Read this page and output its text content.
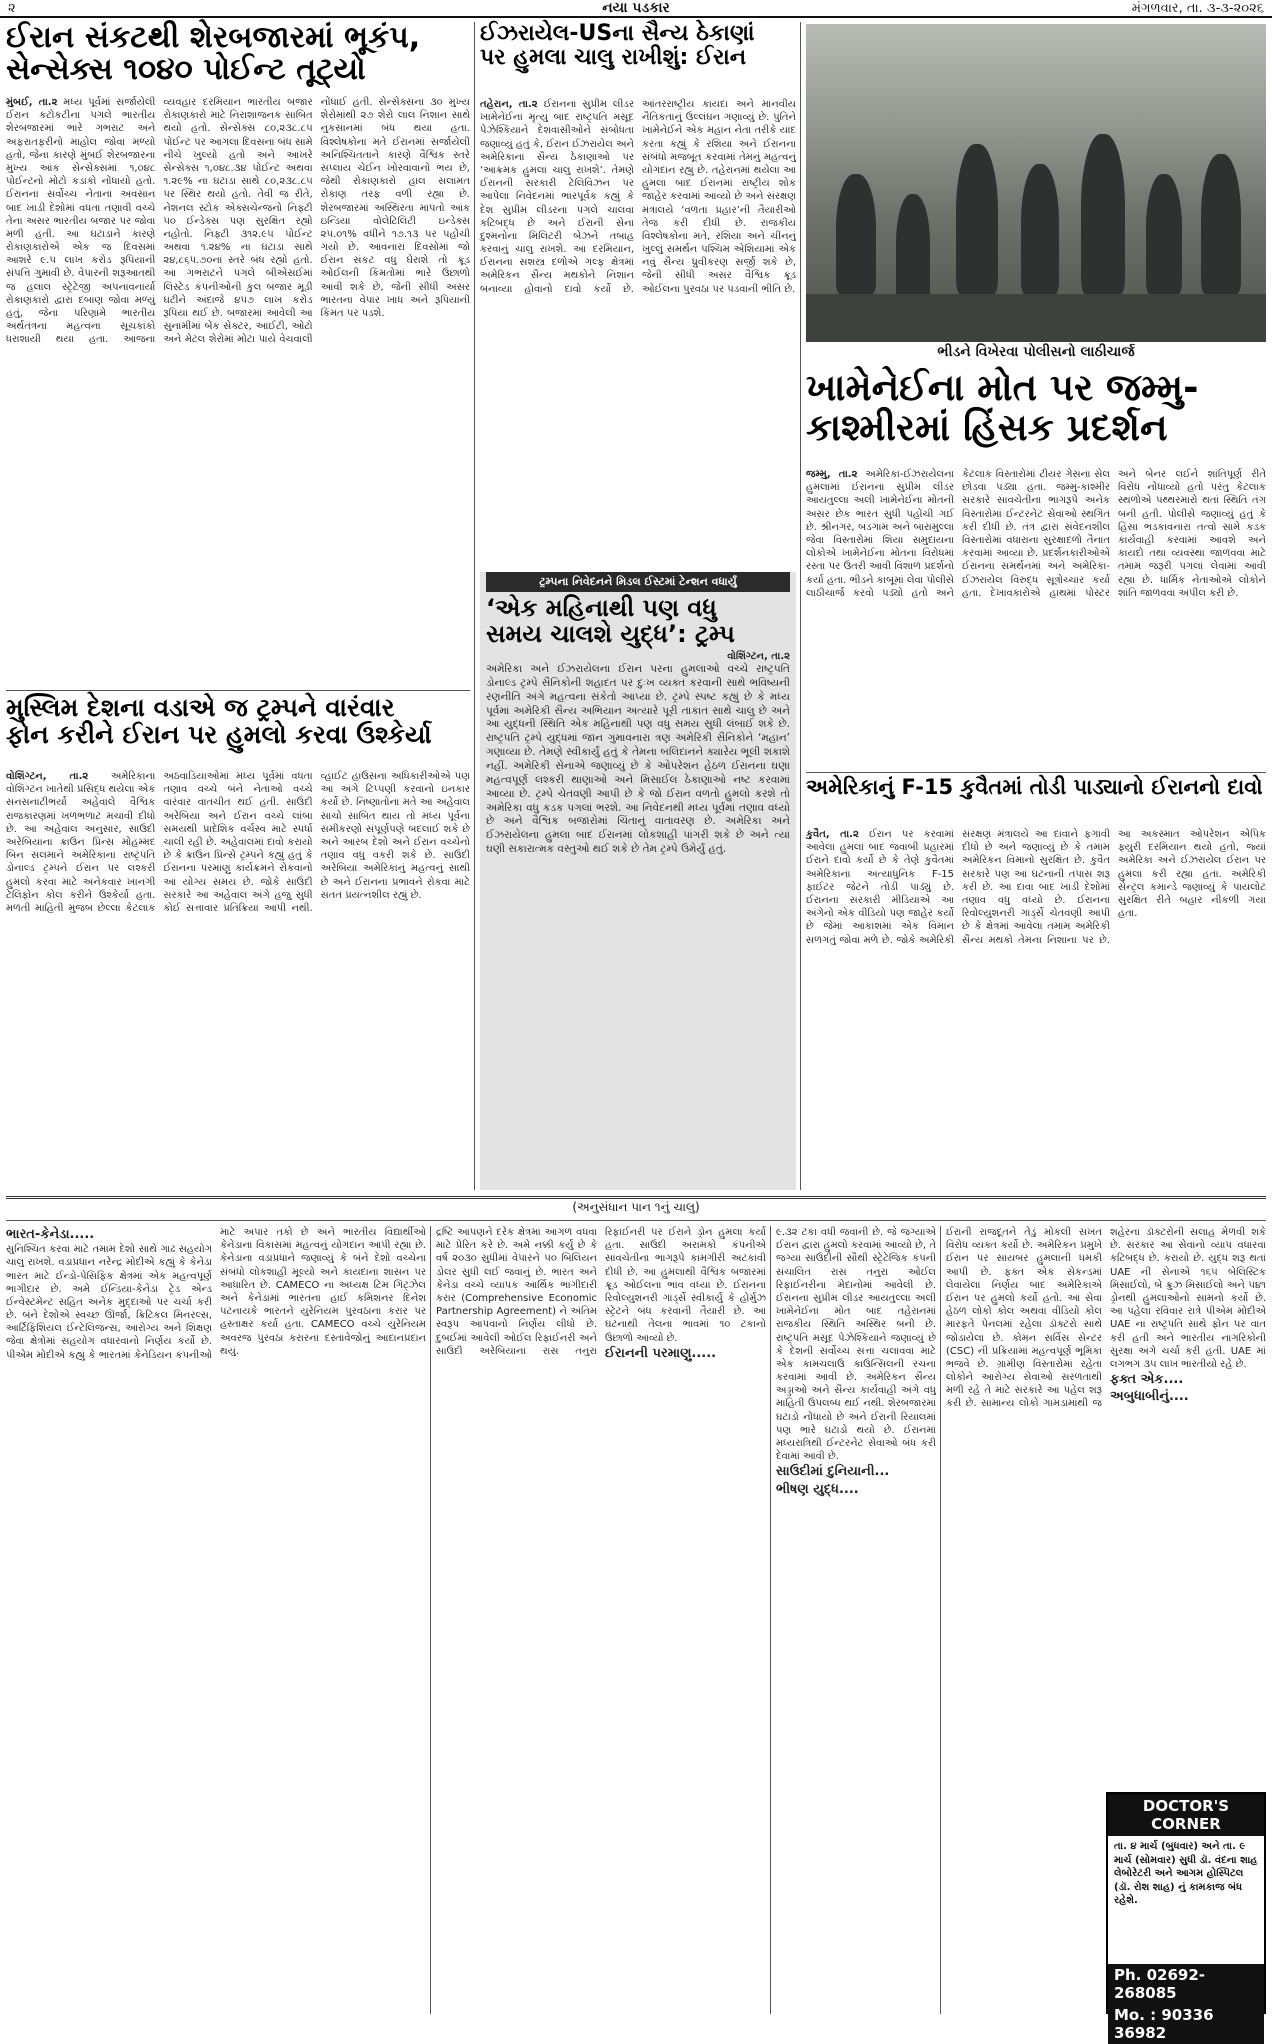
૨	નયા પડકાર	મંગળવાર, તા. ૩-૩-૨૦૨૬
ઈરાન સંકટથી શેરબજારમાં ભૂકંપ,
સેન્સેક્સ ૧૦૪૦ પોઈન્ટ તૂટ્યો
મુંબઈ, તા.૨ મધ્ય પૂર્વમાં સર્જાયેલી ઈરાન કટોકટીના પગલે ભારતીય શેરબજારમાં ભારે ગભરાટ અને અફરાતફરીનો માહોલ જોવા મળ્યો હતો, જેના કારણે મુંબઈ શેરબજારના મુખ્ય આંક સેન્સેક્સમાં ૧,૦૪૮ પોઈન્ટનો મોટો કડાકો નોંધાયો હતો. ઈરાનના સર્વોચ્ચ નેતાના અવસાન બાદ ખાડી દેશોમાં વધતા તણાવી વચ્ચે તેના અસર ભારતીય બજાર પર જોવા મળી હતી. આ ઘટાડાને કારણે રોકાણકારોએ એક જ દિવસમાં આશરે ૯.૫ લાખ કરોડ રૂપિયાની સંપત્તિ ગુમાવી છે. વેપારની શરૂઆતથી જ હલાલ સ્ટ્રેટેજી અપનાવનાર્યા રોકાણકારો દ્વારા દબાણ જોવા મળ્યું હતું, જેના પરિણામે ભારતીય અર્થતંત્રના મહત્વના સૂચકાંકો ધરાશાયી થયા હતા. આજના વ્યવહાર દરમિયાન ભારતીય બજાર રોકાણકારો માટે નિરાશાજનક સાબિત થયો હતો. સેન્સેક્સ ૮૦,૨૩૮.૮૫ પોઈન્ટ પર આગલા દિવસના બંધ સામે નીચે ખુલ્યો હતો અને આખરે સેન્સેક્સ ૧,૦૪૮.૩૪ પોઈન્ટ અથવા ૧.૨૯% ના ઘટાડા સાથે ૮૦,૨૩૮.૮૫ પર સ્થિર થયો હતો. તેવી જ રીતે, નેશનલ સ્ટોક એક્સચેન્જનો નિફ્ટી ૫૦ ઈન્ડેક્સ પણ સુરક્ષિત રહ્યો નહોતો. નિફ્ટી ૩૧૨.૯૫ પોઈન્ટ અથવા ૧.૨૪% ના ઘટાડા સાથે ૨૪,૮૬૫.૭૦ના સ્તરે બંધ રહ્યો હતો. આ ગભરાટને પગલે બીએસઈમાં લિસ્ટેડ કંપનીઓની કુલ બજાર મૂડી ઘટીને અંદાજે ૪૫૭ લાખ કરોડ રૂપિયા થઈ છે. બજારમાં આવેલી આ સુનામીમાં બેંક સેક્ટર, આઈટી, ઓટો અને મેટલ શેરોમાં મોટા પાયે વેચવાલી નોંધાઈ હતી. સેન્સેક્સના ૩૦ મુખ્ય શેરોમાંથી ૨૭ શેરો લાલ નિશાન સાથે નુકસાનમાં બંધ થયા હતા. વિશ્લેષકોના મતે ઈરાનમાં સર્જાયેલી અનિશ્ચિતતાને કારણે વૈશ્વિક સ્તરે સપ્લાય ચેઈન ખોરવાવાનો ભય છે, જેથી રોકાણકારો હાલ સલામત રોકાણ તરફ વળી રહ્યા છે. શેરબજારમાં અસ્થિરતા માપતો આંક ઇન્ડિયા વોલેટિલિટી ઇન્ડેક્સ ૨૫.૦૧% વધીને ૧૭.૧૩ પર પહોંચી ગયો છે. આવનારા દિવસોમાં જો ઈરાન સંકટ વધુ ઘેરાશે તો ક્રૂડ ઓઈલની કિંમતોમાં ભારે ઉછાળો આવી શકે છે, જેની સીધી અસર ભારતના વેપાર ખાધ અને રૂપિયાની કિંમત પર પડશે.
મુસ્લિમ દેશના વડાએ જ ટ્રમ્પને વારંવાર
ફોન કરીને ઈરાન પર હુમલો કરવા ઉશ્કેર્યા
વોશિંગ્ટન, તા.૨ અમેરિકાના વોશિંગ્ટન ખાતેથી પ્રસિદ્ધ થયેલા એક સનસનાટીભર્યા અહેવાલે વૈશ્વિક રાજકારણમાં ખળભળાટ મચાવી દીધો છે. આ અહેવાલ અનુસાર, સાઉદી અરેબિયાના ક્રાઉન પ્રિન્સ મોહમ્મદ બિન સલમાને અમેરિકાના રાષ્ટ્રપતિ ડોનાલ્ડ ટ્રમ્પને ઈરાન પર લશ્કરી હુમલો કરવા માટે અનેકવાર ખાનગી ટેલિફોન કોલ કરીને ઉશ્કેર્યા હતા. મળતી માહિતી મુજબ છેલ્લા કેટલાક અઠવાડિયાઓમાં મધ્ય પૂર્વમાં વધતા તણાવ વચ્ચે બંને નેતાઓ વચ્ચે વારંવાર વાતચીત થઈ હતી. સાઉદી અરેબિયા અને ઈરાન વચ્ચે લાંબા સમયથી પ્રાદેશિક વર્ચસ્વ માટે સ્પર્ધા ચાલી રહી છે. અહેવાલમાં દાવો કરાયો છે કે ક્રાઉન પ્રિન્સે ટ્રમ્પને કહ્યું હતું કે ઈરાનના પરમાણુ કાર્યક્રમને રોકવાનો આ યોગ્ય સમય છે. જોકે સાઉદી સરકારે આ અહેવાલ અંગે હજુ સુધી કોઈ સત્તાવાર પ્રતિક્રિયા આપી નથી. વ્હાઈટ હાઉસના અધિકારીઓએ પણ આ અંગે ટિપ્પણી કરવાનો ઇનકાર કર્યો છે. નિષ્ણાતોના મતે આ અહેવાલ સાચો સાબિત થાય તો મધ્ય પૂર્વના સમીકરણો સંપૂર્ણપણે બદલાઈ શકે છે અને આરબ દેશો અને ઈરાન વચ્ચેનો તણાવ વધુ વકરી શકે છે. સાઉદી અરેબિયા અમેરિકાનું મહત્વનું સાથી છે અને ઈરાનના પ્રભાવને રોકવા માટે સતત પ્રયત્નશીલ રહ્યું છે.
ઈઝરાયેલ-USના સૈન્ય ઠેકાણાં
પર હુમલા ચાલુ રાખીશું: ઈરાન
તહેરાન, તા.૨ ઈરાનના સુપ્રીમ લીડર ખામેનેઈના મૃત્યુ બાદ રાષ્ટ્રપતિ મસૂદ પેઝેશ્કિયાને દેશવાસીઓને સંબોધતા જણાવ્યું હતું કે, ઈરાન ઈઝરાયેલ અને અમેરિકાના સૈન્ય ઠેકાણાઓ પર ‘આક્રમક હુમલા ચાલુ રાખશે’. તેમણે ઈરાનની સરકારી ટેલિવિઝન પર આપેલા નિવેદનમાં ભારપૂર્વક કહ્યું કે દેશ સુપ્રીમ લીડરના પગલે ચાલવા કટિબદ્ધ છે અને ઈરાની સેના દુશ્મનોના મિલિટરી બેઝને તબાહ કરવાનું ચાલુ રાખશે. આ દરમિયાન, ઈરાનના સશસ્ત્ર દળોએ ગલ્ફ ક્ષેત્રમાં અમેરિકન સૈન્ય મથકોને નિશાન બનાવ્યા હોવાનો દાવો કર્યો છે. આંતરરાષ્ટ્રીય કાયદા અને માનવીય નૈતિકતાનું ઉલ્લંઘન ગણાવ્યું છે. પુતિને ખામેનેઈને એક મહાન નેતા તરીકે યાદ કરતા કહ્યું કે રશિયા અને ઈરાનના સંબંધો મજબૂત કરવામાં તેમનું મહત્વનું યોગદાન રહ્યું છે. તહેરાનમાં થયેલા આ હુમલા બાદ ઈરાનમાં રાષ્ટ્રીય શોક જાહેર કરવામાં આવ્યો છે અને સંરક્ષણ મંત્રાલયે ‘વળતા પ્રહાર’ની તૈયારીઓ તેજ કરી દીધી છે. રાજકીય વિશ્લેષકોના મતે, રશિયા અને ચીનનું ખુલ્લું સમર્થન પશ્ચિમ એશિયામાં એક નવું સૈન્ય ધ્રુવીકરણ સર્જી શકે છે, જેની સીધી અસર વૈશ્વિક ક્રૂડ ઓઈલના પુરવઠા પર પડવાની ભીતિ છે.
ટ્રમ્પના નિવેદનને મિડલ ઈસ્ટમાં ટેન્શન વધાર્યું
‘એક મહિનાથી પણ વધુ
સમય ચાલશે યુદ્ધ’: ટ્રમ્પ
વોશિંગ્ટન, તા.૨
અમેરિકા અને ઈઝરાયેલના ઈરાન પરના હુમલાઓ વચ્ચે રાષ્ટ્રપતિ ડોનાલ્ડ ટ્રમ્પે સૈનિકોની શહાદત પર દુઃખ વ્યક્ત કરવાની સાથે ભવિષ્યની રણનીતિ અંગે મહત્વના સંકેતો આપ્યા છે. ટ્રમ્પે સ્પષ્ટ કહ્યું છે કે મધ્ય પૂર્વમાં અમેરિકી સૈન્ય અભિયાન અત્યારે પૂરી તાકાત સાથે ચાલુ છે અને આ યુદ્ધની સ્થિતિ એક મહિનાથી પણ વધુ સમય સુધી લંબાઈ શકે છે. રાષ્ટ્રપતિ ટ્રમ્પે યુદ્ધમાં જાન ગુમાવનારા ત્રણ અમેરિકી સૈનિકોને ‘મહાન’ ગણાવ્યા છે. તેમણે સ્વીકાર્યું હતું કે તેમના બલિદાનને ક્યારેય ભૂલી શકાશે નહીં. અમેરિકી સેનાએ જણાવ્યું છે કે ઓપરેશન હેઠળ ઈરાનના ઘણા મહત્વપૂર્ણ લશ્કરી થાણાઓ અને મિસાઈલ ઠેકાણાઓ નષ્ટ કરવામાં આવ્યા છે. ટ્રમ્પે ચેતવણી આપી છે કે જો ઈરાન વળતો હુમલો કરશે તો અમેરિકા વધુ કડક પગલાં ભરશે. આ નિવેદનથી મધ્ય પૂર્વમાં તણાવ વધ્યો છે અને વૈશ્વિક બજારોમાં ચિંતાનું વાતાવરણ છે. અમેરિકા અને ઈઝરાયેલના હુમલા બાદ ઈરાનમાં લોકશાહી પાંગરી શકે છે અને ત્યાં ઘણી સકારાત્મક વસ્તુઓ થઈ શકે છે તેમ ટ્રમ્પે ઉમેર્યું હતું.
ભીડને વિખેરવા પોલીસનો લાઠીચાર્જ
ખામેનેઈના મોત પર જમ્મુ-
કાશ્મીરમાં હિંસક પ્રદર્શન
જમ્મુ, તા.૨ અમેરિકા-ઈઝરાયેલના હુમલામાં ઈરાનના સુપ્રીમ લીડર આયતુલ્લા અલી ખામેનેઈના મોતની અસર છેક ભારત સુધી પહોંચી ગઈ છે. શ્રીનગર, બડગામ અને બારામુલ્લા જેવા વિસ્તારોમાં શિયા સમુદાયના લોકોએ ખામેનેઈના મોતના વિરોધમાં રસ્તા પર ઉતરી આવી વિશાળ પ્રદર્શનો કર્યા હતા. ભીડને કાબૂમાં લેવા પોલીસે લાઠીચાર્જ કરવો પડ્યો હતો અને કેટલાક વિસ્તારોમાં ટીયર ગેસના સેલ છોડવા પડ્યા હતા. જમ્મુ-કાશ્મીર સરકારે સાવચેતીના ભાગરૂપે અનેક વિસ્તારોમાં ઈન્ટરનેટ સેવાઓ સ્થગિત કરી દીધી છે. તંત્ર દ્વારા સંવેદનશીલ વિસ્તારોમાં વધારાના સુરક્ષાદળો તૈનાત કરવામાં આવ્યા છે. પ્રદર્શનકારીઓએ ઈરાનના સમર્થનમાં અને અમેરિકા-ઈઝરાયેલ વિરુદ્ધ સૂત્રોચ્ચાર કર્યા હતા. દેખાવકારોએ હાથમાં પોસ્ટર અને બેનર લઈને શાંતિપૂર્ણ રીતે વિરોધ નોંધાવ્યો હતો પરંતુ કેટલાક સ્થળોએ પથ્થરમારો થતાં સ્થિતિ તંગ બની હતી. પોલીસે જણાવ્યું હતું કે હિંસા ભડકાવનારા તત્વો સામે કડક કાર્યવાહી કરવામાં આવશે અને કાયદો તથા વ્યવસ્થા જાળવવા માટે તમામ જરૂરી પગલાં લેવામાં આવી રહ્યા છે. ધાર્મિક નેતાઓએ લોકોને શાંતિ જાળવવા અપીલ કરી છે.
અમેરિકાનું F-15 કુવૈતમાં તોડી પાડ્યાનો ઈરાનનો દાવો
કુવૈત, તા.૨ ઈરાન પર કરવામાં આવેલા હુમલા બાદ જવાબી પ્રહારમાં ઈરાને દાવો કર્યો છે કે તેણે કુવૈતમાં અમેરિકાના અત્યાધુનિક F-15 ફાઈટર જેટને તોડી પાડ્યું છે. ઈરાનના સરકારી મીડિયાએ આ અંગેનો એક વીડિયો પણ જાહેર કર્યો છે જેમાં આકાશમાં એક વિમાન સળગતું જોવા મળે છે. જોકે અમેરિકી સંરક્ષણ મંત્રાલયે આ દાવાને ફગાવી દીધો છે અને જણાવ્યું છે કે તમામ અમેરિકન વિમાનો સુરક્ષિત છે. કુવૈત સરકારે પણ આ ઘટનાની તપાસ શરૂ કરી છે. આ દાવા બાદ ખાડી દેશોમાં તણાવ વધુ વધ્યો છે. ઈરાનના રિવોલ્યુશનરી ગાર્ડ્સે ચેતવણી આપી છે કે ક્ષેત્રમાં આવેલા તમામ અમેરિકી સૈન્ય મથકો તેમના નિશાના પર છે. આ અકસ્માત ઓપરેશન એપિક ફ્યુરી દરમિયાન થયો હતો, જ્યાં અમેરિકા અને ઈઝરાયેલ ઈરાન પર હુમલા કરી રહ્યા હતા. અમેરિકી સેન્ટ્રલ કમાન્ડે જણાવ્યું કે પાયલોટ સુરક્ષિત રીતે બહાર નીકળી ગયા હતા.
(અનુસંધાન પાન ૧નું ચાલુ)
ભારત-કેનેડા.....
સુનિશ્ચિત કરવા માટે તમામ દેશો સાથે ગાઢ સહયોગ ચાલુ રાખશે. વડાપ્રધાન નરેન્દ્ર મોદીએ કહ્યું કે કેનેડા ભારત માટે ઈન્ડો-પેસિફિક ક્ષેત્રમાં એક મહત્વપૂર્ણ ભાગીદાર છે. અમે ઈન્ડિયા-કેનેડા ટ્રેડ એન્ડ ઈન્વેસ્ટમેન્ટ સહિત અનેક મુદ્દાઓ પર ચર્ચા કરી છે. બંને દેશોએ સ્વચ્છ ઊર્જા, ક્રિટિકલ મિનરલ્સ, આર્ટિફિશિયલ ઈન્ટેલિજન્સ, આરોગ્ય અને શિક્ષણ જેવા ક્ષેત્રોમાં સહયોગ વધારવાનો નિર્ણય કર્યો છે. પીએમ મોદીએ કહ્યું કે ભારતમાં કેનેડિયન કંપનીઓ માટે અપાર તકો છે અને ભારતીય વિદ્યાર્થીઓ કેનેડાના વિકાસમાં મહત્વનું યોગદાન આપી રહ્યા છે. કેનેડાના વડાપ્રધાને જણાવ્યું કે બંને દેશો વચ્ચેના સંબંધો લોકશાહી મૂલ્યો અને કાયદાના શાસન પર આધારિત છે. CAMECO ના અધ્યક્ષ ટિમ ગિટ્ઝેલ અને કેનેડામાં ભારતના હાઈ કમિશનર દિનેશ પટનાયકે ભારતને યુરેનિયમ પુરવઠાના કરાર પર હસ્તાક્ષર કર્યા હતા. CAMECO વચ્ચે યુરેનિયમ અવરજ પુરવઠા કરારના દસ્તાવેજોનું આદાનપ્રદાન થયું.
દ્રષ્ટિ આપણને દરેક ક્ષેત્રમાં આગળ વધવા માટે પ્રેરિત કરે છે. અમે નક્કી કર્યું છે કે વર્ષ ૨૦૩૦ સુધીમાં વેપારને ૫૦ બિલિયન ડોલર સુધી લઈ જવાનું છે. ભારત અને કેનેડા વચ્ચે વ્યાપક આર્થિક ભાગીદારી કરાર (Comprehensive Economic Partnership Agreement) ને અંતિમ સ્વરૂપ આપવાનો નિર્ણય લીધો છે. દુબઈમાં આવેલી ઓઈલ રિફાઈનરી અને સાઉદી અરેબિયાના રાસ તનુરા રિફાઈનરી પર ઈરાને ડ્રોન હુમલા કર્યા હતા. સાઉદી અરામકો કંપનીએ સાવચેતીના ભાગરૂપે કામગીરી અટકાવી દીધી છે. આ હુમલાથી વૈશ્વિક બજારમાં ક્રૂડ ઓઈલના ભાવ વધ્યા છે. ઈરાનના રિવોલ્યુશનરી ગાર્ડ્સે સ્વીકાર્યું કે હોર્મુઝ સ્ટ્રેટને બંધ કરવાની તૈયારી છે. આ ઘટનાથી તેલના ભાવમાં ૧૦ ટકાનો ઉછાળો આવ્યો છે.
ઈરાનની પરમાણુ.....
૯.૩૨ ટકા વધી જવાની છે. જે જગ્યાએ ઈરાન દ્વારા હુમલો કરવામાં આવ્યો છે, તે જગ્યા સાઉદીની સૌથી સ્ટ્રેટેજિક કંપની સંચાલિત રાસ તનુરા ઓઈલ રિફાઈનરીના મેદાનોમાં આવેલી છે. ઈરાનના સુપ્રીમ લીડર આયતુલ્લા અલી ખામેનેઈના મોત બાદ તહેરાનમાં રાજકીય સ્થિતિ અસ્થિર બની છે. રાષ્ટ્રપતિ મસૂદ પેઝેશ્કિયાને જણાવ્યું છે કે દેશની સર્વોચ્ચ સત્તા ચલાવવા માટે એક કામચલાઉ કાઉન્સિલની રચના કરવામાં આવી છે. અમેરિકન સૈન્ય અડ્ડાઓ અને સૈન્ય કાર્યવાહી અંગે વધુ માહિતી ઉપલબ્ધ થઈ નથી. શેરબજારમાં ઘટાડો નોંધાયો છે અને ઈરાની રિયાલમાં પણ ભારે ઘટાડો થયો છે. ઈરાનમાં મધ્યરાત્રિથી ઈન્ટરનેટ સેવાઓ બંધ કરી દેવામાં આવી છે.
સાઉદીમાં દુનિયાની...
ભીષણ યુદ્ધ....
ઈરાની રાજદૂતને તેડું મોકલી સખત વિરોધ વ્યક્ત કર્યો છે. અમેરિકન પ્રમુખે ઈરાન પર સાયબર હુમલાની ધમકી આપી છે. ફક્ત એક સેકન્ડમાં લેવાયેલા નિર્ણય બાદ અમેરિકાએ ઈરાન પર હુમલો કર્યો હતો. આ સેવા હેઠળ લોકો કોલ અથવા વીડિયો કોલ મારફતે પેનલમાં રહેલા ડૉક્ટરો સાથે જોડાયેલા છે. કોમન સર્વિસ સેન્ટર (CSC) ની પ્રક્રિયામાં મહત્વપૂર્ણ ભૂમિકા ભજવે છે. ગ્રામીણ વિસ્તારોમાં રહેતા લોકોને આરોગ્ય સેવાઓ સરળતાથી મળી રહે તે માટે સરકારે આ પહેલ શરૂ કરી છે. સામાન્ય લોકો ગામડામાંથી જ શહેરના ડૉક્ટરોની સલાહ મેળવી શકે છે. સરકાર આ સેવાનો વ્યાપ વધારવા કટિબદ્ધ છે. કરાયો છે. યુદ્ધ શરૂ થતાં UAE ની સેનાએ ૧૬૫ બેલિસ્ટિક મિસાઈલો, બે ક્રુઝ મિસાઈલો અને ૫૪૧ ડ્રોનથી હુમલાઓનો સામનો કર્યો છે. આ પહેલા રવિવાર રાત્રે પીએમ મોદીએ UAE ના રાષ્ટ્રપતિ સાથે ફોન પર વાત કરી હતી અને ભારતીય નાગરિકોની સુરક્ષા અંગે ચર્ચા કરી હતી. UAE માં લગભગ ૩૫ લાખ ભારતીયો રહે છે.
ફક્ત એક....
અબુધાબીનું....
DOCTOR'S CORNER
તા. ૪ માર્ચ (બુધવાર) અને તા. ૯ માર્ચ (સોમવાર) સુધી ડૉ. વંદના શાહ લેબોરેટરી અને આગમ હોસ્પિટલ (ડૉ. રોશ શાહ) નું કામકાજ બંધ રહેશે.
Ph. 02692-268085
Mo. : 90336 36982
